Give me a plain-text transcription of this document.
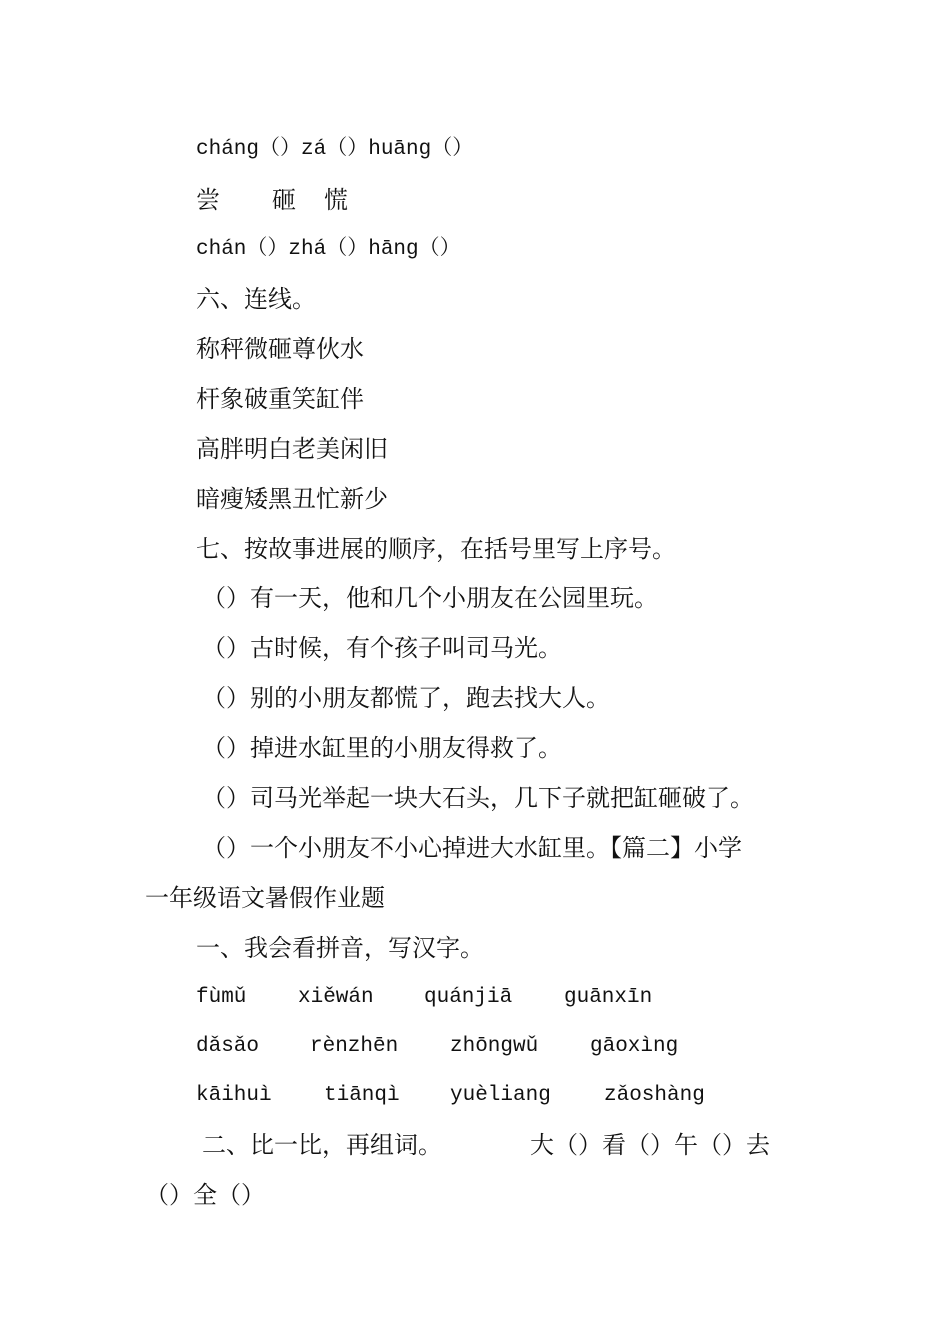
cháng（）zá（）huāng（）
尝 砸 慌
chán（）zhá（）hāng（）
六、连线。
称秤微砸尊伙水
杆象破重笑缸伴
高胖明白老美闲旧
暗瘦矮黑丑忙新少
七、按故事进展的顺序，在括号里写上序号。
（）有一天，他和几个小朋友在公园里玩。
（）古时候，有个孩子叫司马光。
（）别的小朋友都慌了，跑去找大人。
（）掉进水缸里的小朋友得救了。
（）司马光举起一块大石头，几下子就把缸砸破了。
（）一个小朋友不小心掉进大水缸里。【篇二】小学
一年级语文暑假作业题
一、我会看拼音，写汉字。
fùmǔ xiěwán quánjiā guānxīn
dǎsǎo rènzhēn zhōngwǔ gāoxìng
kāihuì tiānqì yuèliang	zǎoshàng
二、比一比，再组词。	大（）看（）午（）去
（）全（）
